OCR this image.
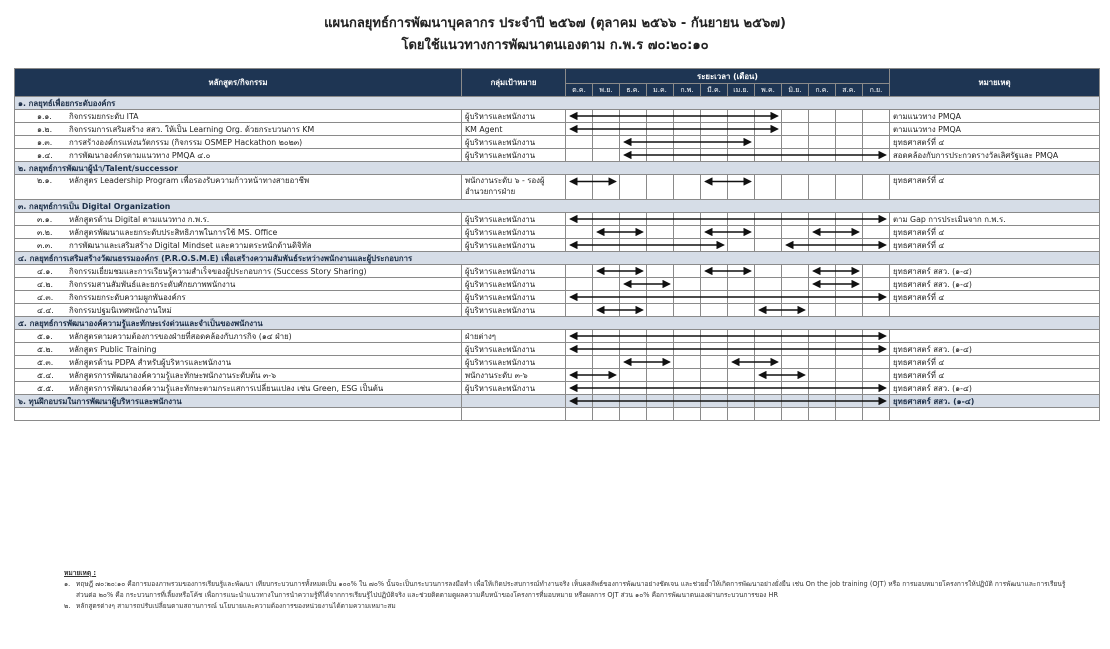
แผนกลยุทธ์การพัฒนาบุคลากร ประจำปี ๒๕๖๗ (ตุลาคม ๒๕๖๖ - กันยายน ๒๕๖๗)
โดยใช้แนวทางการพัฒนาตนเองตาม ก.พ.ร ๗๐:๒๐:๑๐
หลักสูตร/กิจกรรม	กลุ่มเป้าหมาย	ระยะเวลา (เดือน)												หมายเหตุ
		ต.ค.	พ.ย.	ธ.ค.	ม.ค.	ก.พ.	มี.ค.	เม.ย.	พ.ค.	มิ.ย.	ก.ค.	ส.ค.	ก.ย.	
๑. กลยุทธ์เพื่อยกระดับองค์กร														
๑.๑. กิจกรรมยกระดับ ITA	ผู้บริหารและพนักงาน													ตามแนวทาง PMQA
๑.๒. กิจกรรมการเสริมสร้าง สสว. ให้เป็น Learning Org. ด้วยกระบวนการ KM	KM Agent													ตามแนวทาง PMQA
๑.๓. การสร้างองค์กรแห่งนวัตกรรม (กิจกรรม OSMEP Hackathon ๒๐๒๓)	ผู้บริหารและพนักงาน													ยุทธศาสตร์ที่ ๔
๑.๔. การพัฒนาองค์กรตามแนวทาง PMQA ๔.๐	ผู้บริหารและพนักงาน													สอดคล้องกับการประกวดรางวัลเลิศรัฐและ PMQA
๒. กลยุทธ์การพัฒนาผู้นำ/Talent/successor														
๒.๑. หลักสูตร Leadership Program เพื่อรองรับความก้าวหน้าทางสายอาชีพ	พนักงานระดับ ๖ - รองผู้อำนวยการฝ่าย													ยุทธศาสตร์ที่ ๔
๓. กลยุทธ์การเป็น Digital Organization														
๓.๑. หลักสูตรด้าน Digital ตามแนวทาง ก.พ.ร.	ผู้บริหารและพนักงาน													ตาม Gap การประเมินจาก ก.พ.ร.
๓.๒. หลักสูตรพัฒนาและยกระดับประสิทธิภาพในการใช้ MS. Office	ผู้บริหารและพนักงาน													ยุทธศาสตร์ที่ ๔
๓.๓. การพัฒนาและเสริมสร้าง Digital Mindset และความตระหนักด้านดิจิทัล	ผู้บริหารและพนักงาน													ยุทธศาสตร์ที่ ๔
๔. กลยุทธ์การเสริมสร้างวัฒนธรรมองค์กร (P.R.O.S.M.E) เพื่อเสร้างความสัมพันธ์ระหว่างพนักงานและผู้ประกอบการ														
๔.๑. กิจกรรมเยี่ยมชมและการเรียนรู้ความสำเร็จของผู้ประกอบการ (Success Story Sharing)	ผู้บริหารและพนักงาน													ยุทธศาสตร์ สสว. (๑-๔)
๔.๒. กิจกรรมสานสัมพันธ์และยกระดับศักยภาพพนักงาน	ผู้บริหารและพนักงาน													ยุทธศาสตร์ สสว. (๑-๔)
๔.๓. กิจกรรมยกระดับความผูกพันองค์กร	ผู้บริหารและพนักงาน													ยุทธศาสตร์ที่ ๔
๔.๔. กิจกรรมปฐมนิเทศพนักงานใหม่	ผู้บริหารและพนักงาน													
๕. กลยุทธ์การพัฒนาองค์ความรู้และทักษะเร่งด่วนและจำเป็นของพนักงาน														
๕.๑. หลักสูตรตามความต้องการของฝ่ายที่สอดคล้องกับภารกิจ (๑๔ ฝ่าย)	ฝ่ายต่างๆ													
๕.๒. หลักสูตร Public Training	ผู้บริหารและพนักงาน													ยุทธศาสตร์ สสว. (๑-๔)
๕.๓. หลักสูตรด้าน PDPA สำหรับผู้บริหารและพนักงาน	ผู้บริหารและพนักงาน													ยุทธศาสตร์ที่ ๔
๕.๔. หลักสูตรการพัฒนาองค์ความรู้และทักษะพนักงานระดับต้น ๓-๖	พนักงานระดับ ๓-๖													ยุทธศาสตร์ที่ ๔
๕.๕. หลักสูตรการพัฒนาองค์ความรู้และทักษะตามกระแสการเปลี่ยนแปลง เช่น Green, ESG เป็นต้น	ผู้บริหารและพนักงาน													ยุทธศาสตร์ สสว. (๑-๔)
๖. ทุนฝึกอบรมในการพัฒนาผู้บริหารและพนักงาน														ยุทธศาสตร์ สสว. (๑-๔)

หมายเหตุ :
๑. ทฤษฎี ๗๐:๒๐:๑๐ คือการมองภาพรวมของการเรียนรู้และพัฒนา เทียบกระบวนการทั้งหมดเป็น ๑๐๐% ใน ๗๐% นั้นจะเป็นกระบวนการลงมือทำ เพื่อให้เกิดประสบการณ์ทำงานจริง เห็นผลลัพธ์ของการพัฒนาอย่างชัดเจน และช่วยย้ำให้เกิดการพัฒนาอย่างยั่งยืน เช่น On the job training (OJT) หรือ การมอบหมายโครงการให้ปฏิบัติ การพัฒนาและการเรียนรู้ส่วนต่อ ๒๐% คือ กระบวนการที่เลี้ยงหรือโค้ช เพื่อการแนะนำแนวทางในการนำความรู้ที่ได้จากการเรียนรู้ไปปฏิบัติจริง และช่วยติดตามดูผลความคืบหน้าของโครงการที่มอบหมาย หรือผลการ OJT ส่วน ๑๐% คือการพัฒนาตนเองผ่านกระบวนการของ HR
๒. หลักสูตรต่างๆ สามารถปรับเปลี่ยนตามสถานการณ์ นโยบายและความต้องการของหน่วยงานได้ตามความเหมาะสม
